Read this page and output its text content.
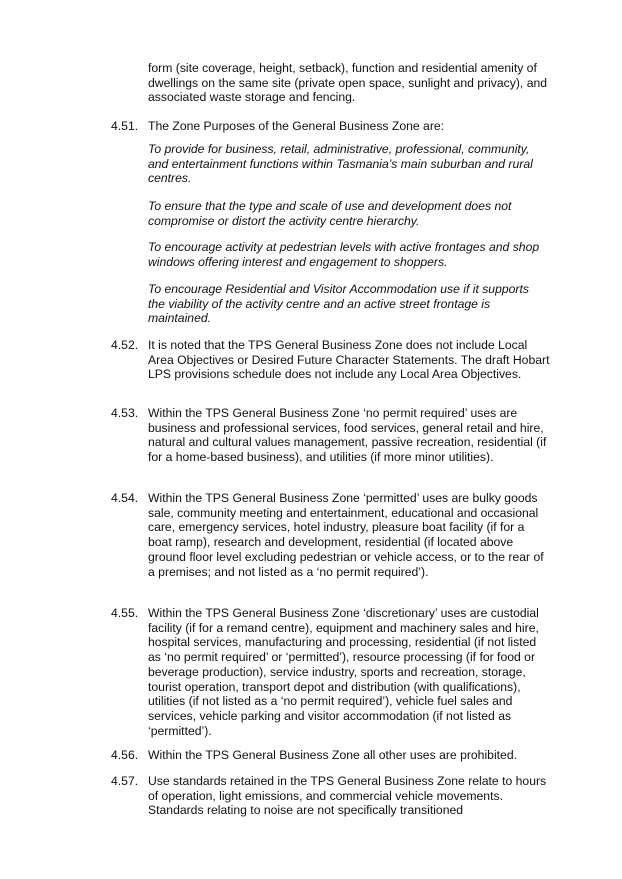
form (site coverage, height, setback), function and residential amenity of dwellings on the same site (private open space, sunlight and privacy), and associated waste storage and fencing.

4.51. The Zone Purposes of the General Business Zone are:

To provide for business, retail, administrative, professional, community, and entertainment functions within Tasmania’s main suburban and rural centres.

To ensure that the type and scale of use and development does not compromise or distort the activity centre hierarchy.

To encourage activity at pedestrian levels with active frontages and shop windows offering interest and engagement to shoppers.

To encourage Residential and Visitor Accommodation use if it supports the viability of the activity centre and an active street frontage is maintained.

4.52. It is noted that the TPS General Business Zone does not include Local Area Objectives or Desired Future Character Statements. The draft Hobart LPS provisions schedule does not include any Local Area Objectives.
4.53. Within the TPS General Business Zone ‘no permit required’ uses are business and professional services, food services, general retail and hire, natural and cultural values management, passive recreation, residential (if for a home-based business), and utilities (if more minor utilities).
4.54. Within the TPS General Business Zone ‘permitted’ uses are bulky goods sale, community meeting and entertainment, educational and occasional care, emergency services, hotel industry, pleasure boat facility (if for a boat ramp), research and development, residential (if located above ground floor level excluding pedestrian or vehicle access, or to the rear of a premises; and not listed as a ‘no permit required’).
4.55. Within the TPS General Business Zone ‘discretionary’ uses are custodial facility (if for a remand centre), equipment and machinery sales and hire, hospital services, manufacturing and processing, residential (if not listed as ‘no permit required’ or ‘permitted’), resource processing (if for food or beverage production), service industry, sports and recreation, storage, tourist operation, transport depot and distribution (with qualifications), utilities (if not listed as a ‘no permit required’), vehicle fuel sales and services, vehicle parking and visitor accommodation (if not listed as ‘permitted’).
4.56. Within the TPS General Business Zone all other uses are prohibited.
4.57. Use standards retained in the TPS General Business Zone relate to hours of operation, light emissions, and commercial vehicle movements. Standards relating to noise are not specifically transitioned
